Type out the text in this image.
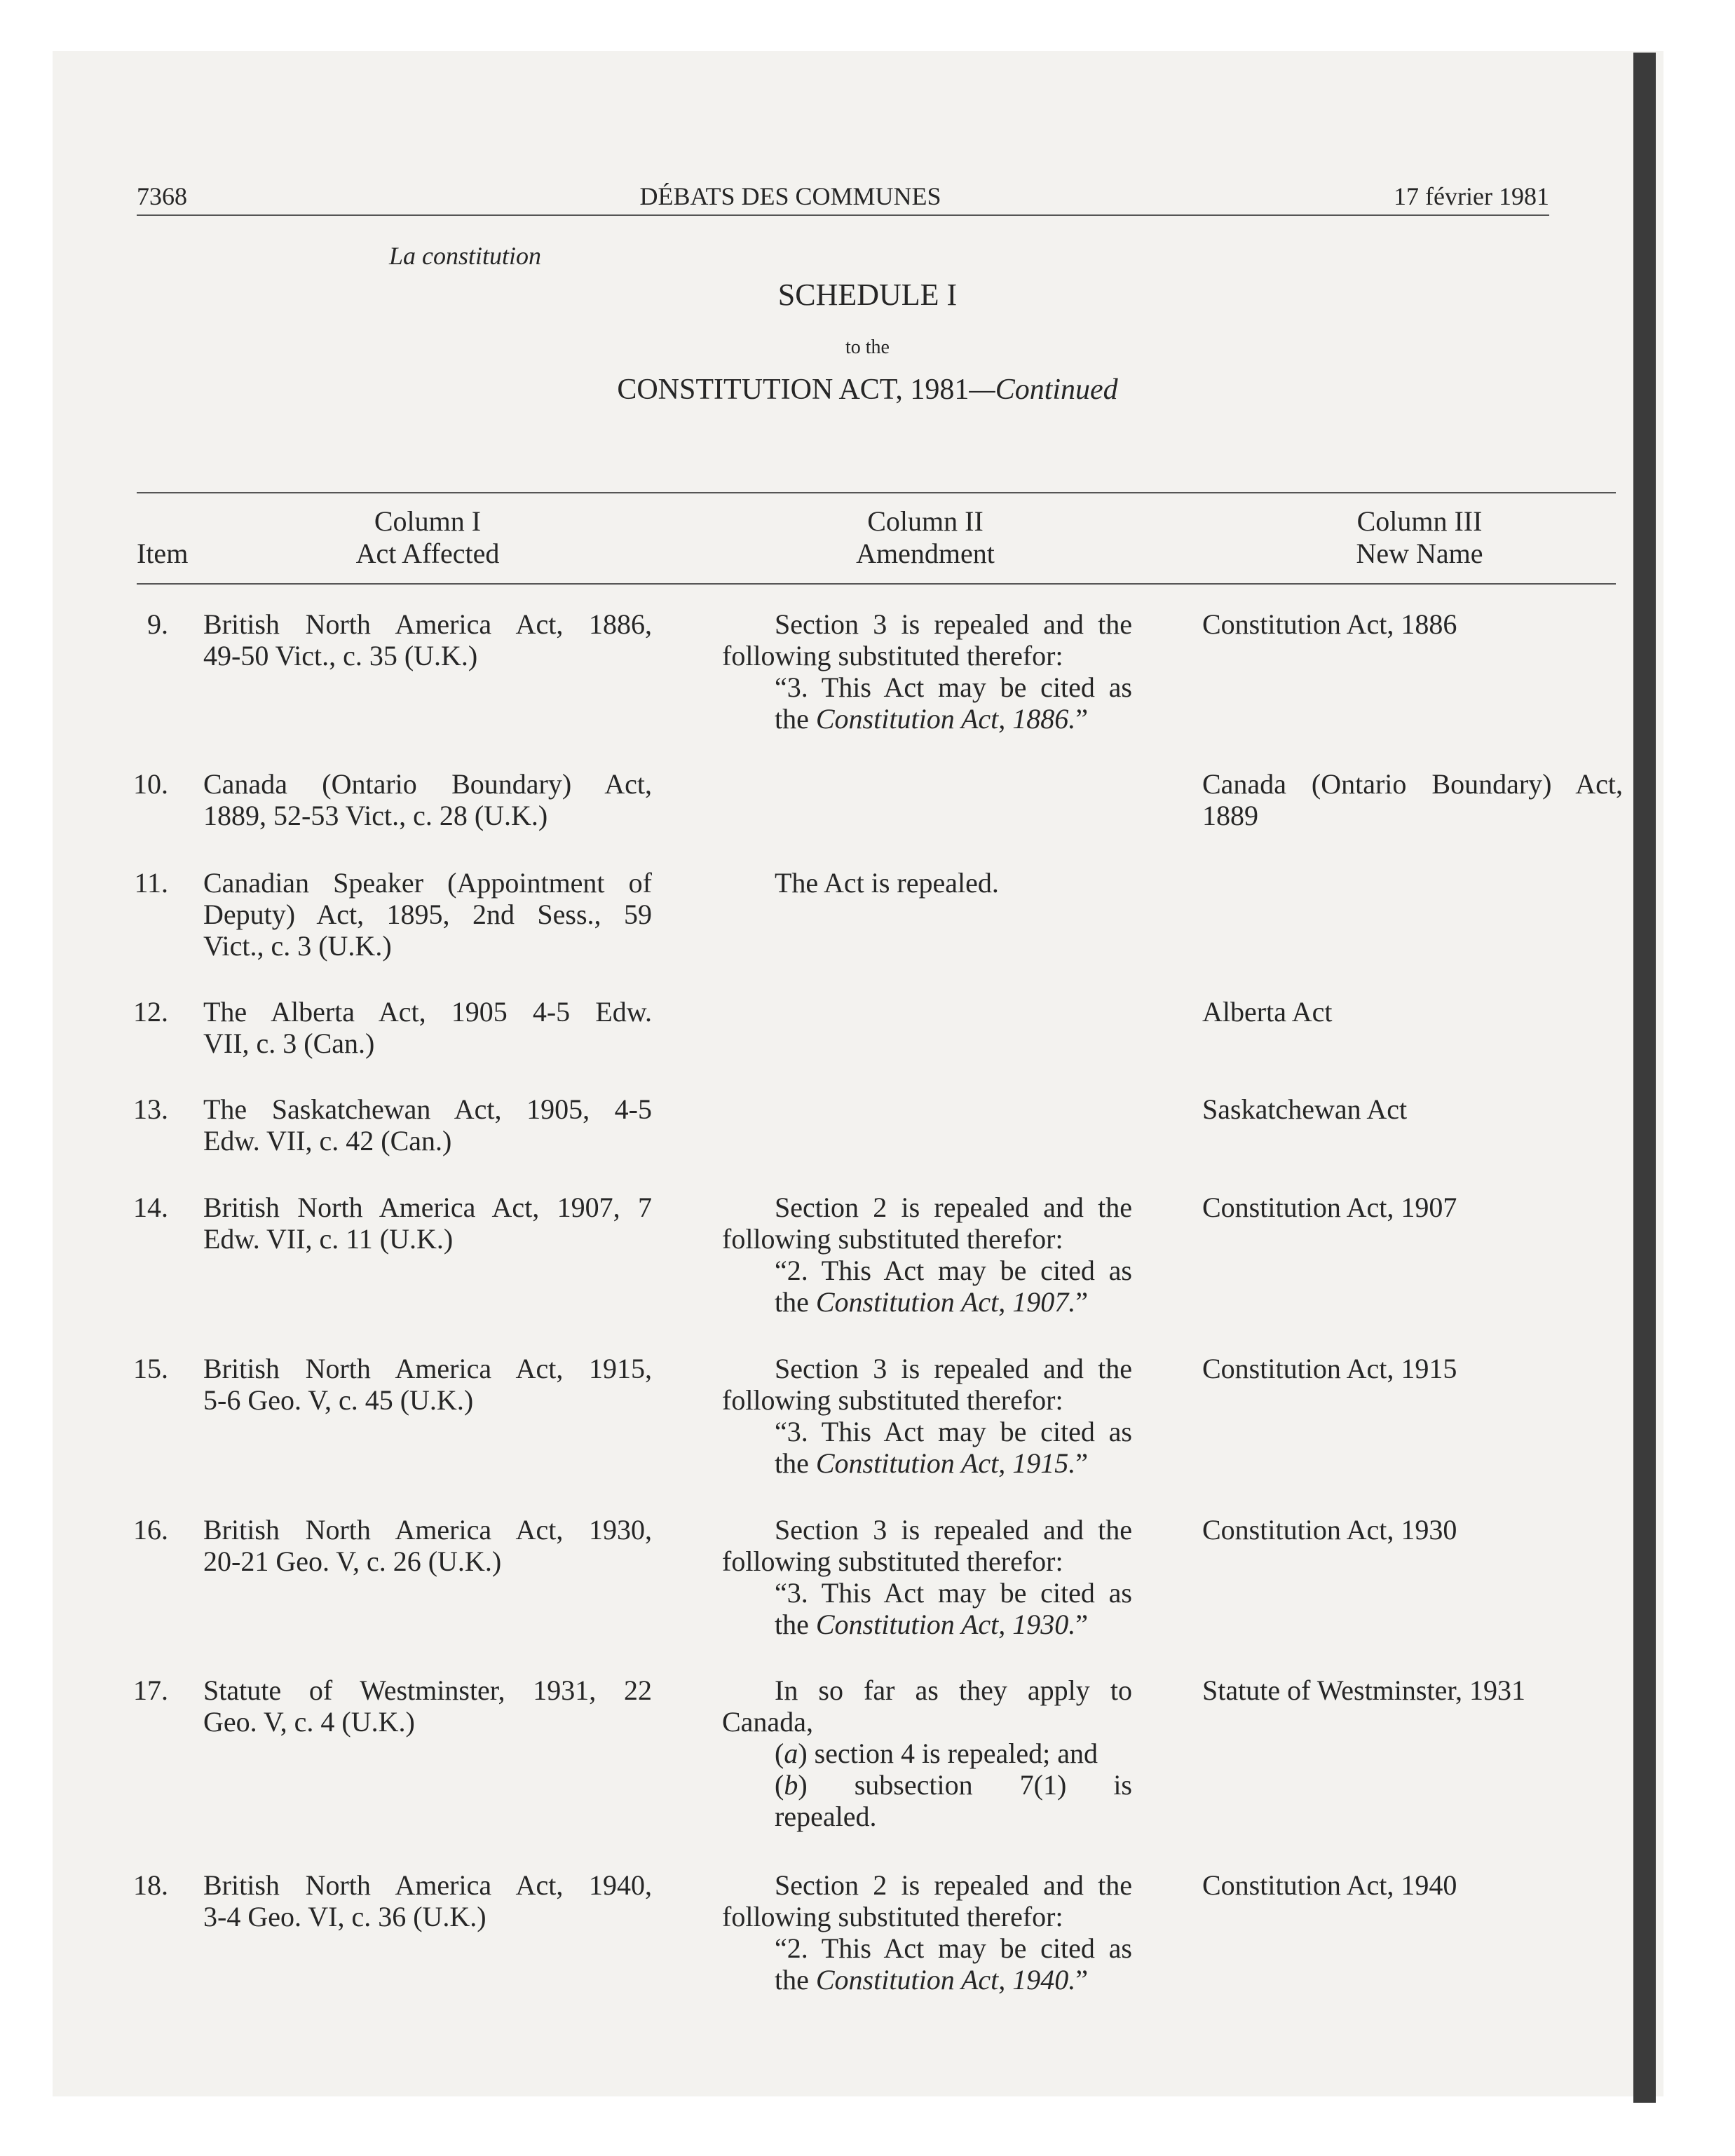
7368	DÉBATS DES COMMUNES	17 février 1981
La constitution
SCHEDULE I
to the
CONSTITUTION ACT, 1981—Continued
Item
Column I
Act Affected
Column II
Amendment
Column III
New Name
9. British North America Act, 1886,
49-50 Vict., c. 35 (U.K.)
Section 3 is repealed and the
following substituted therefor:
“3. This Act may be cited as
the Constitution Act, 1886.”
Constitution Act, 1886
10. Canada (Ontario Boundary) Act,
1889, 52-53 Vict., c. 28 (U.K.)
Canada (Ontario Boundary) Act,
1889
11. Canadian Speaker (Appointment of
Deputy) Act, 1895, 2nd Sess., 59
Vict., c. 3 (U.K.)
The Act is repealed.
12. The Alberta Act, 1905 4-5 Edw.
VII, c. 3 (Can.)
Alberta Act
13. The Saskatchewan Act, 1905, 4-5
Edw. VII, c. 42 (Can.)
Saskatchewan Act
14. British North America Act, 1907, 7
Edw. VII, c. 11 (U.K.)
Section 2 is repealed and the
following substituted therefor:
“2. This Act may be cited as
the Constitution Act, 1907.”
Constitution Act, 1907
15. British North America Act, 1915,
5-6 Geo. V, c. 45 (U.K.)
Section 3 is repealed and the
following substituted therefor:
“3. This Act may be cited as
the Constitution Act, 1915.”
Constitution Act, 1915
16. British North America Act, 1930,
20-21 Geo. V, c. 26 (U.K.)
Section 3 is repealed and the
following substituted therefor:
“3. This Act may be cited as
the Constitution Act, 1930.”
Constitution Act, 1930
17. Statute of Westminster, 1931, 22
Geo. V, c. 4 (U.K.)
In so far as they apply to
Canada,
(a) section 4 is repealed; and
(b) subsection 7(1) is
repealed.
Statute of Westminster, 1931
18. British North America Act, 1940,
3-4 Geo. VI, c. 36 (U.K.)
Section 2 is repealed and the
following substituted therefor:
“2. This Act may be cited as
the Constitution Act, 1940.”
Constitution Act, 1940
